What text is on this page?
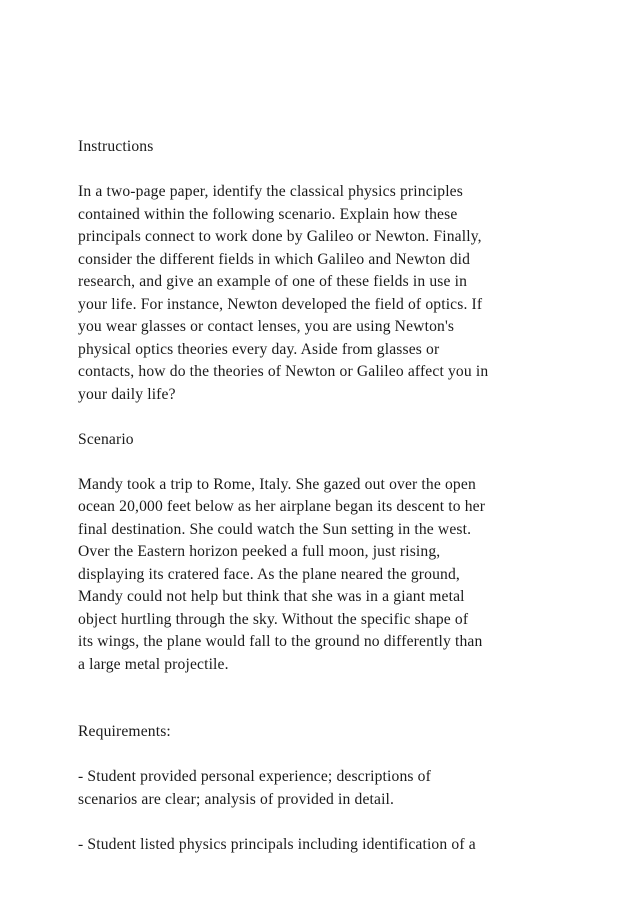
Instructions
In a two-page paper, identify the classical physics principles
contained within the following scenario. Explain how these
principals connect to work done by Galileo or Newton. Finally,
consider the different fields in which Galileo and Newton did
research, and give an example of one of these fields in use in
your life. For instance, Newton developed the field of optics. If
you wear glasses or contact lenses, you are using Newton's
physical optics theories every day. Aside from glasses or
contacts, how do the theories of Newton or Galileo affect you in
your daily life?
Scenario
Mandy took a trip to Rome, Italy. She gazed out over the open
ocean 20,000 feet below as her airplane began its descent to her
final destination. She could watch the Sun setting in the west.
Over the Eastern horizon peeked a full moon, just rising,
displaying its cratered face. As the plane neared the ground,
Mandy could not help but think that she was in a giant metal
object hurtling through the sky. Without the specific shape of
its wings, the plane would fall to the ground no differently than
a large metal projectile.
Requirements:
- Student provided personal experience; descriptions of
scenarios are clear; analysis of provided in detail.
- Student listed physics principals including identification of a
